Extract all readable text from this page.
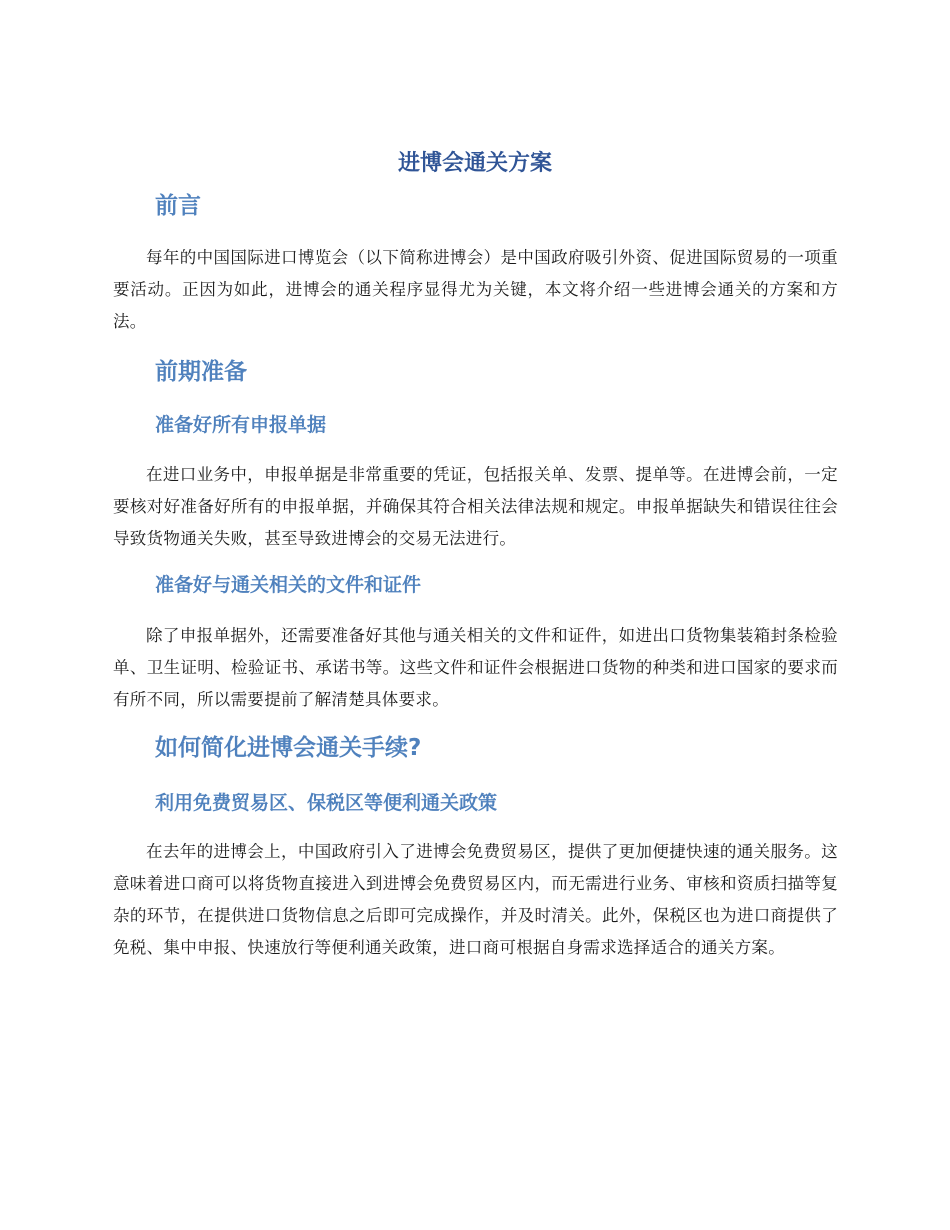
进博会通关方案
前言

每年的中国国际进口博览会（以下简称进博会）是中国政府吸引外资、促进国际贸易的一项重要活动。正因为如此，进博会的通关程序显得尤为关键，本文将介绍一些进博会通关的方案和方法。

前期准备
准备好所有申报单据

在进口业务中，申报单据是非常重要的凭证，包括报关单、发票、提单等。在进博会前，一定要核对好准备好所有的申报单据，并确保其符合相关法律法规和规定。申报单据缺失和错误往往会导致货物通关失败，甚至导致进博会的交易无法进行。

准备好与通关相关的文件和证件

除了申报单据外，还需要准备好其他与通关相关的文件和证件，如进出口货物集装箱封条检验单、卫生证明、检验证书、承诺书等。这些文件和证件会根据进口货物的种类和进口国家的要求而有所不同，所以需要提前了解清楚具体要求。

如何简化进博会通关手续?
利用免费贸易区、保税区等便利通关政策

在去年的进博会上，中国政府引入了进博会免费贸易区，提供了更加便捷快速的通关服务。这意味着进口商可以将货物直接进入到进博会免费贸易区内，而无需进行业务、审核和资质扫描等复杂的环节，在提供进口货物信息之后即可完成操作，并及时清关。此外，保税区也为进口商提供了免税、集中申报、快速放行等便利通关政策，进口商可根据自身需求选择适合的通关方案。
